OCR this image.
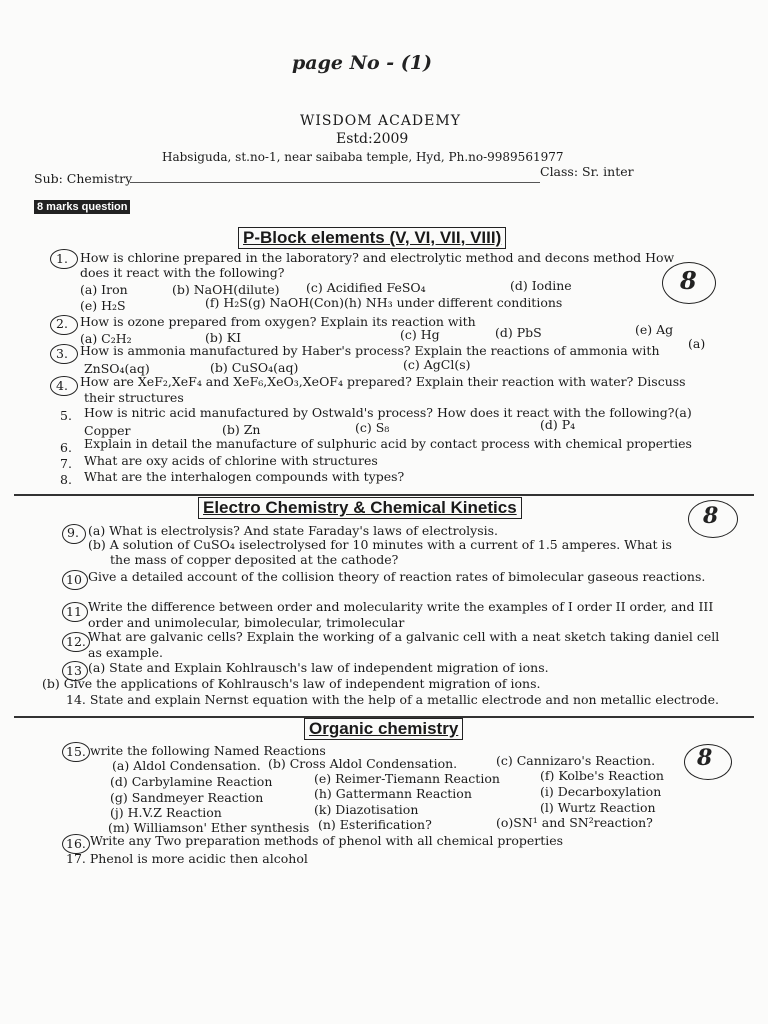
page No - (1)
WISDOM ACADEMY
Estd:2009
Habsiguda, st.no-1, near saibaba temple, Hyd, Ph.no-9989561977
Sub: Chemistry	Class: Sr. inter
8 marks question
P-Block elements (V, VI, VII, VIII)
8
1. How is chlorine prepared in the laboratory? and electrolytic method and decons method How
does it react with the following?
(a) Iron	(b) NaOH(dilute) (c) Acidified FeSO₄	(d) Iodine
(e) H₂S	(f) H₂S(g) NaOH(Con)(h) NH₃ under different conditions
2. How is ozone prepared from oxygen? Explain its reaction with
(a) C₂H₂	(b) KI	(c) Hg	(d) PbS	(e) Ag
3. How is ammonia manufactured by Haber's process? Explain the reactions of ammonia with (a)
ZnSO₄(aq)	(b) CuSO₄(aq)	(c) AgCl(s)
4. How are XeF₂,XeF₄ and XeF₆,XeO₃,XeOF₄ prepared? Explain their reaction with water? Discuss
their structures
5. How is nitric acid manufactured by Ostwald's process? How does it react with the following?(a)
Copper	(b) Zn	(c) S₈	(d) P₄
6. Explain in detail the manufacture of sulphuric acid by contact process with chemical properties
7. What are oxy acids of chlorine with structures
8. What are the interhalogen compounds with types?
Electro Chemistry & Chemical Kinetics	8
9. (a) What is electrolysis? And state Faraday's laws of electrolysis.
(b) A solution of CuSO₄ iselectrolysed for 10 minutes with a current of 1.5 amperes. What is
the mass of copper deposited at the cathode?
10 Give a detailed account of the collision theory of reaction rates of bimolecular gaseous reactions.
11 Write the difference between order and molecularity write the examples of I order II order, and III
order and unimolecular, bimolecular, trimolecular
12. What are galvanic cells? Explain the working of a galvanic cell with a neat sketch taking daniel cell
as example.
13 (a) State and Explain Kohlrausch's law of independent migration of ions.
(b) Give the applications of Kohlrausch's law of independent migration of ions.
14. State and explain Nernst equation with the help of a metallic electrode and non metallic electrode.
Organic chemistry
8
15. write the following Named Reactions
(a) Aldol Condensation. (b) Cross Aldol Condensation.	(c) Cannizaro's Reaction.
(d) Carbylamine Reaction	(e) Reimer-Tiemann Reaction	(f) Kolbe's Reaction
(g) Sandmeyer Reaction	(h) Gattermann Reaction	(i) Decarboxylation
(j) H.V.Z Reaction	(k) Diazotisation	(l) Wurtz Reaction
(m) Williamson' Ether synthesis (n) Esterification?	(o)SN¹ and SN²reaction?
16. Write any Two preparation methods of phenol with all chemical properties
17. Phenol is more acidic then alcohol
